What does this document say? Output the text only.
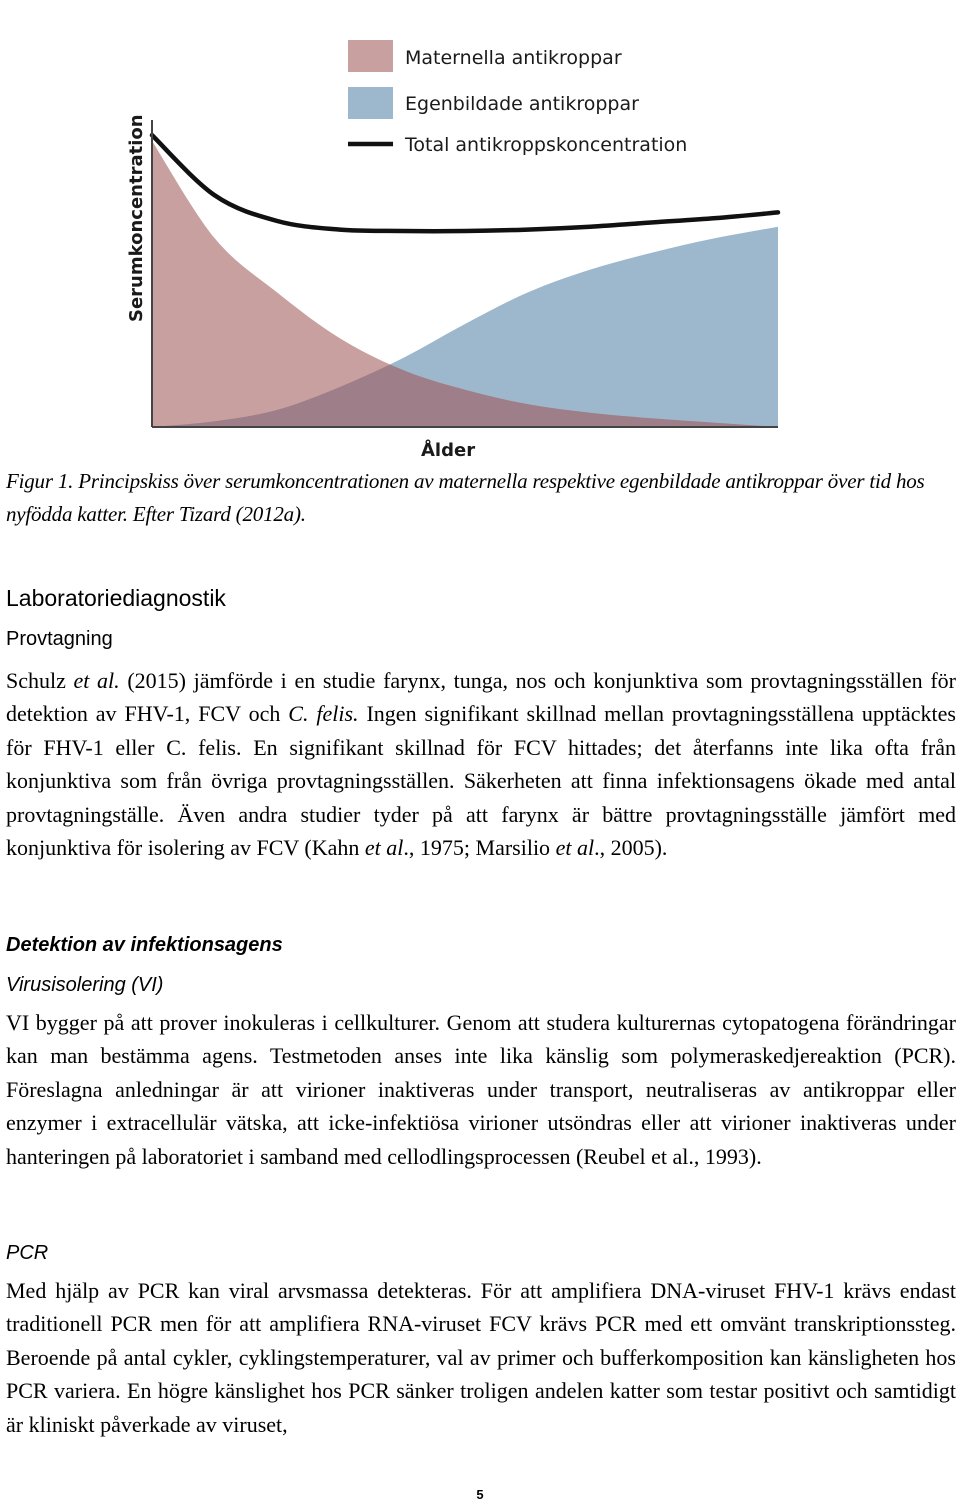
Maternella antikroppar
Egenbildade antikroppar
Total antikroppskoncentration
Serumkoncentration
Ålder
Figur 1. Principskiss över serumkoncentrationen av maternella respektive egenbildade antikroppar över tid hos nyfödda katter. Efter Tizard (2012a).
Laboratoriediagnostik
Provtagning
Schulz et al. (2015) jämförde i en studie farynx, tunga, nos och konjunktiva som provtagningsställen för detektion av FHV-1, FCV och C. felis. Ingen signifikant skillnad mellan provtagningsställena upptäcktes för FHV-1 eller C. felis. En signifikant skillnad för FCV hittades; det återfanns inte lika ofta från konjunktiva som från övriga provtagningsställen. Säkerheten att finna infektionsagens ökade med antal provtagningställe. Även andra studier tyder på att farynx är bättre provtagningsställe jämfört med konjunktiva för isolering av FCV (Kahn et al., 1975; Marsilio et al., 2005).
Detektion av infektionsagens
Virusisolering (VI)
VI bygger på att prover inokuleras i cellkulturer. Genom att studera kulturernas cytopatogena förändringar kan man bestämma agens. Testmetoden anses inte lika känslig som polymeraskedjereaktion (PCR). Föreslagna anledningar är att virioner inaktiveras under transport, neutraliseras av antikroppar eller enzymer i extracellulär vätska, att icke-infektiösa virioner utsöndras eller att virioner inaktiveras under hanteringen på laboratoriet i samband med cellodlingsprocessen (Reubel et al., 1993).
PCR
Med hjälp av PCR kan viral arvsmassa detekteras. För att amplifiera DNA-viruset FHV-1 krävs endast traditionell PCR men för att amplifiera RNA-viruset FCV krävs PCR med ett omvänt transkriptionssteg. Beroende på antal cykler, cyklingstemperaturer, val av primer och bufferkomposition kan känsligheten hos PCR variera. En högre känslighet hos PCR sänker troligen andelen katter som testar positivt och samtidigt är kliniskt påverkade av viruset,
5
